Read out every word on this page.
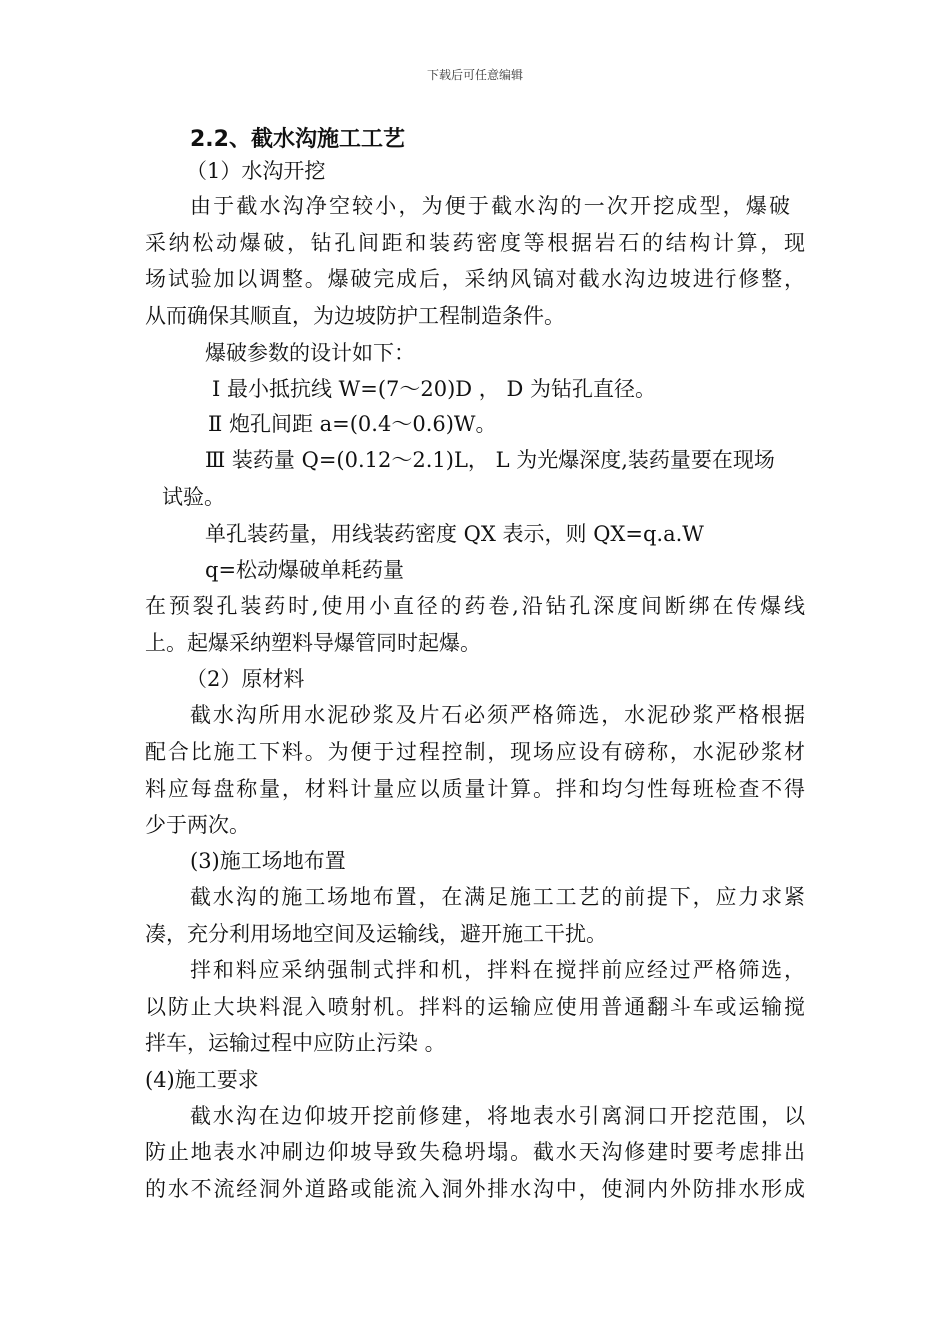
下载后可任意编辑
2.2、截水沟施工工艺
（1）水沟开挖
由于截水沟净空较小，为便于截水沟的一次开挖成型，爆破
采纳松动爆破，钻孔间距和装药密度等根据岩石的结构计算，现
场试验加以调整。爆破完成后，采纳风镐对截水沟边坡进行修整，
从而确保其顺直，为边坡防护工程制造条件。
爆破参数的设计如下：
Ⅰ 最小抵抗线 W=(7～20)D ， D 为钻孔直径。
Ⅱ 炮孔间距 a=(0.4～0.6)W。
Ⅲ 装药量 Q=(0.12～2.1)L， L 为光爆深度,装药量要在现场
试验。
单孔装药量，用线装药密度 QX 表示，则 QX=q.a.W
q=松动爆破单耗药量
在预裂孔装药时,使用小直径的药卷,沿钻孔深度间断绑在传爆线
上。起爆采纳塑料导爆管同时起爆。
（2）原材料
截水沟所用水泥砂浆及片石必须严格筛选，水泥砂浆严格根据
配合比施工下料。为便于过程控制，现场应设有磅称，水泥砂浆材
料应每盘称量，材料计量应以质量计算。拌和均匀性每班检查不得
少于两次。
(3)施工场地布置
截水沟的施工场地布置，在满足施工工艺的前提下，应力求紧
凑，充分利用场地空间及运输线，避开施工干扰。
拌和料应采纳强制式拌和机，拌料在搅拌前应经过严格筛选，
以防止大块料混入喷射机。拌料的运输应使用普通翻斗车或运输搅
拌车，运输过程中应防止污染 。
(4)施工要求
截水沟在边仰坡开挖前修建，将地表水引离洞口开挖范围，以
防止地表水冲刷边仰坡导致失稳坍塌。截水天沟修建时要考虑排出
的水不流经洞外道路或能流入洞外排水沟中，使洞内外防排水形成
